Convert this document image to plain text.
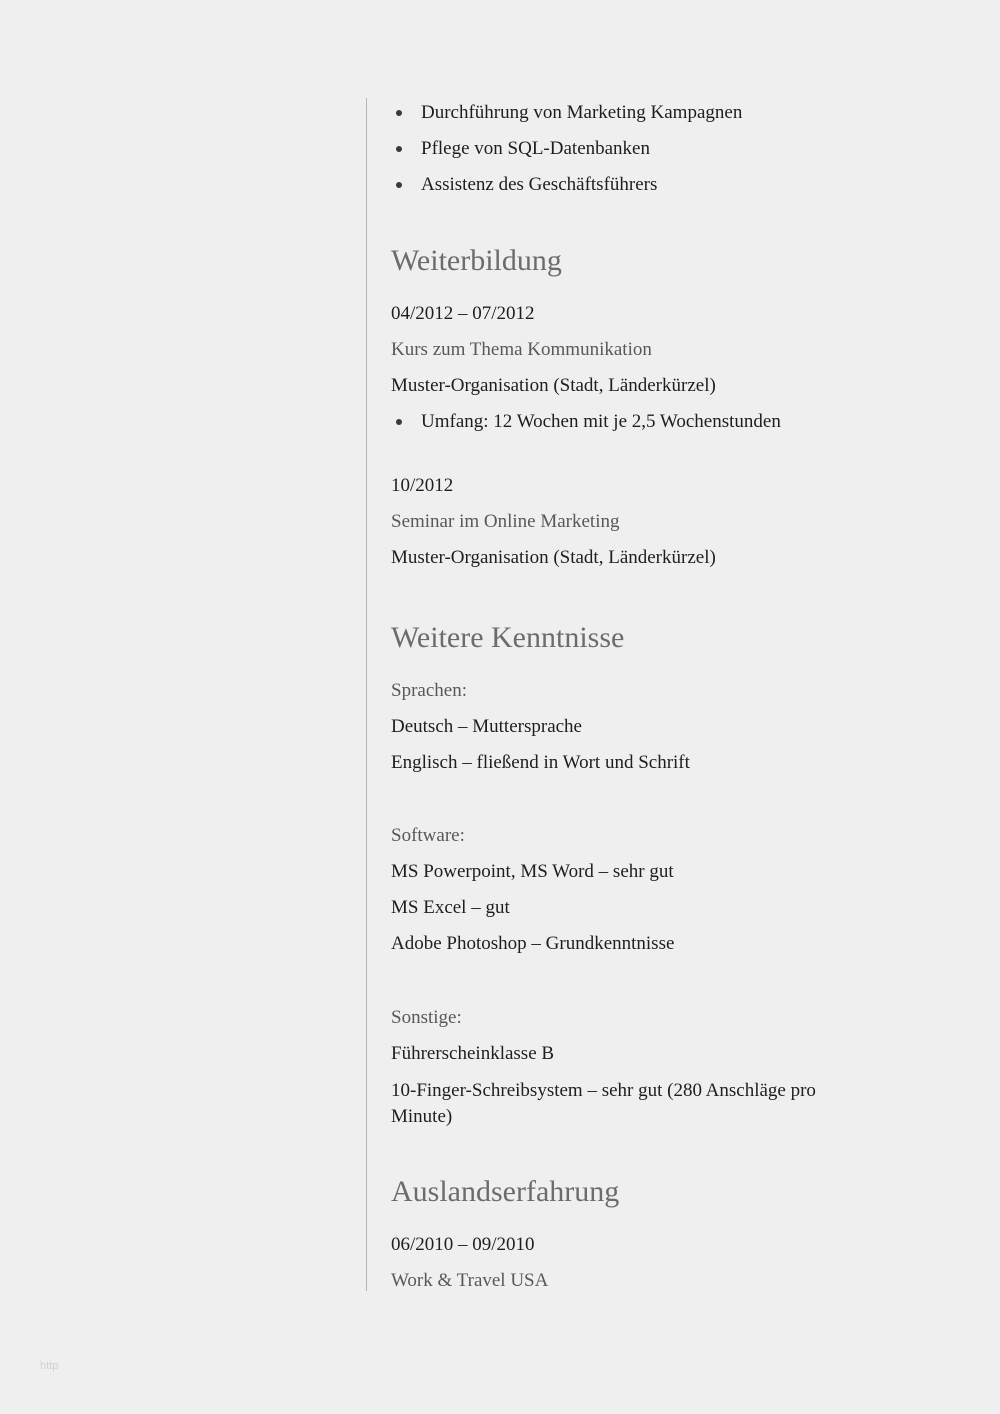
Durchführung von Marketing Kampagnen
Pflege von SQL-Datenbanken
Assistenz des Geschäftsführers
Weiterbildung
04/2012 – 07/2012
Kurs zum Thema Kommunikation
Muster-Organisation (Stadt, Länderkürzel)
Umfang: 12 Wochen mit je 2,5 Wochenstunden
10/2012
Seminar im Online Marketing
Muster-Organisation (Stadt, Länderkürzel)
Weitere Kenntnisse
Sprachen:
Deutsch – Muttersprache
Englisch – fließend in Wort und Schrift
Software:
MS Powerpoint, MS Word – sehr gut
MS Excel – gut
Adobe Photoshop – Grundkenntnisse
Sonstige:
Führerscheinklasse B
10-Finger-Schreibsystem – sehr gut (280 Anschläge pro Minute)
Auslandserfahrung
06/2010 – 09/2010
Work & Travel USA
http
